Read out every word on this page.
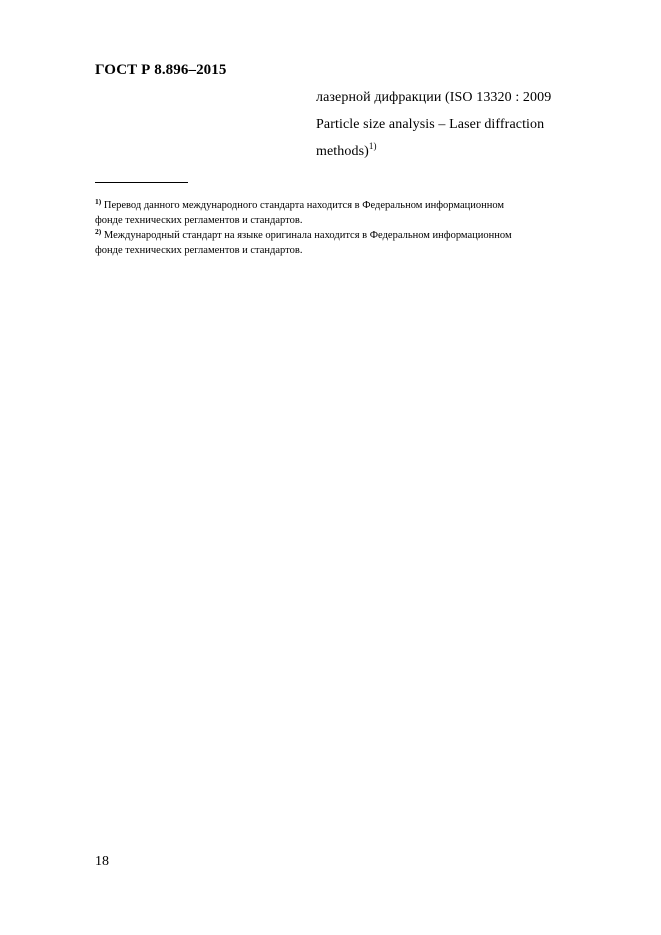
ГОСТ Р 8.896–2015
лазерной дифракции (ISO 13320 : 2009
Particle size analysis – Laser diffraction
methods)$^{1)}$
$^{1)}$ Перевод данного международного стандарта находится в Федеральном информационном
фонде технических регламентов и стандартов.
$^{2)}$ Международный стандарт на языке оригинала находится в Федеральном информационном
фонде технических регламентов и стандартов.
18
